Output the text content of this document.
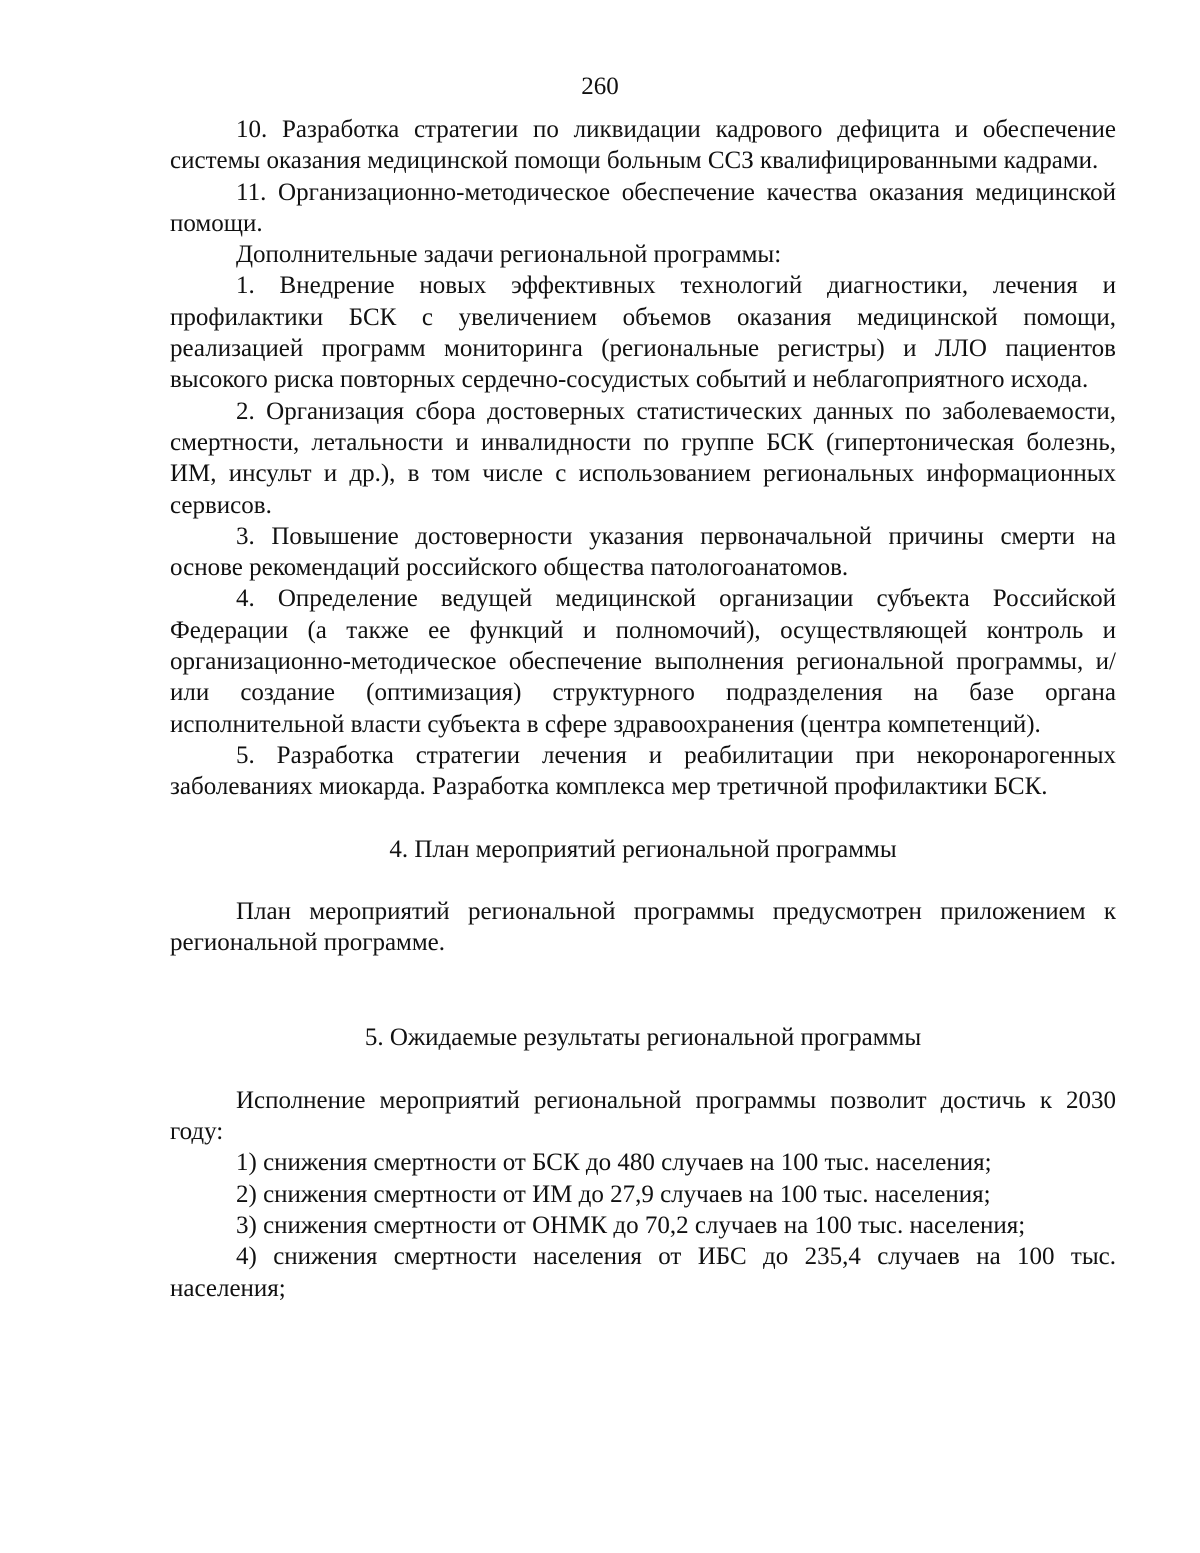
260

10. Разработка стратегии по ликвидации кадрового дефицита и обеспечение системы оказания медицинской помощи больным ССЗ квалифицированными кадрами.

11. Организационно-методическое обеспечение качества оказания медицинской помощи.

Дополнительные задачи региональной программы:

1. Внедрение новых эффективных технологий диагностики, лечения и профилактики БСК с увеличением объемов оказания медицинской помощи, реализацией программ мониторинга (региональные регистры) и ЛЛО пациентов высокого риска повторных сердечно-сосудистых событий и неблагоприятного исхода.

2. Организация сбора достоверных статистических данных по заболеваемости, смертности, летальности и инвалидности по группе БСК (гипертоническая болезнь, ИМ, инсульт и др.), в том числе с использованием региональных информационных сервисов.

3. Повышение достоверности указания первоначальной причины смерти на основе рекомендаций российского общества патологоанатомов.

4. Определение ведущей медицинской организации субъекта Российской Федерации (а также ее функций и полномочий), осуществляющей контроль и организационно-методическое обеспечение выполнения региональной программы, и/или создание (оптимизация) структурного подразделения на базе органа исполнительной власти субъекта в сфере здравоохранения (центра компетенций).

5. Разработка стратегии лечения и реабилитации при некоронарогенных заболеваниях миокарда. Разработка комплекса мер третичной профилактики БСК.

4. План мероприятий региональной программы

План мероприятий региональной программы предусмотрен приложением к региональной программе.

5. Ожидаемые результаты региональной программы

Исполнение мероприятий региональной программы позволит достичь к 2030 году:

1) снижения смертности от БСК до 480 случаев на 100 тыс. населения;

2) снижения смертности от ИМ до 27,9 случаев на 100 тыс. населения;

3) снижения смертности от ОНМК до 70,2 случаев на 100 тыс. населения;

4) снижения смертности населения от ИБС до 235,4 случаев на 100 тыс. населения;
